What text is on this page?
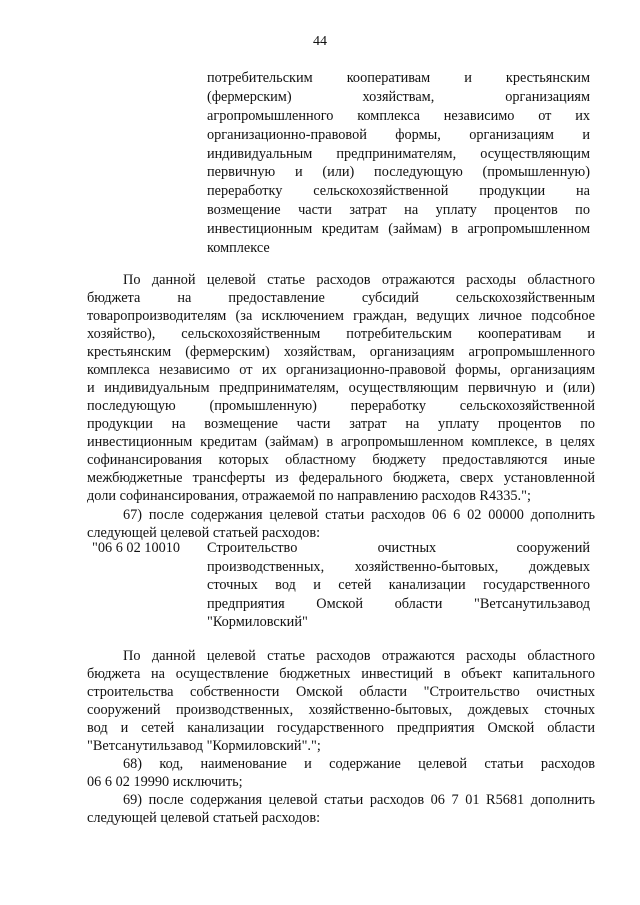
44
потребительским кооперативам и крестьянским
(фермерским) хозяйствам, организациям
агропромышленного комплекса независимо от их
организационно-правовой формы, организациям и
индивидуальным предпринимателям, осуществляющим
первичную и (или) последующую (промышленную)
переработку сельскохозяйственной продукции на
возмещение части затрат на уплату процентов по
инвестиционным кредитам (займам) в агропромышленном
комплексе
По данной целевой статье расходов отражаются расходы областного
бюджета на предоставление субсидий сельскохозяйственным
товаропроизводителям (за исключением граждан, ведущих личное подсобное
хозяйство), сельскохозяйственным потребительским кооперативам и
крестьянским (фермерским) хозяйствам, организациям агропромышленного
комплекса независимо от их организационно-правовой формы, организациям
и индивидуальным предпринимателям, осуществляющим первичную и (или)
последующую (промышленную) переработку сельскохозяйственной
продукции на возмещение части затрат на уплату процентов по
инвестиционным кредитам (займам) в агропромышленном комплексе, в целях
софинансирования которых областному бюджету предоставляются иные
межбюджетные трансферты из федерального бюджета, сверх установленной
доли софинансирования, отражаемой по направлению расходов R4335.";
67) после содержания целевой статьи расходов 06 6 02 00000 дополнить
следующей целевой статьей расходов:
"06 6 02 10010 Строительство очистных сооружений
производственных, хозяйственно-бытовых, дождевых
сточных вод и сетей канализации государственного
предприятия Омской области "Ветсанутильзавод
"Кормиловский"
По данной целевой статье расходов отражаются расходы областного
бюджета на осуществление бюджетных инвестиций в объект капитального
строительства собственности Омской области "Строительство очистных
сооружений производственных, хозяйственно-бытовых, дождевых сточных
вод и сетей канализации государственного предприятия Омской области
"Ветсанутильзавод "Кормиловский".";
68) код, наименование и содержание целевой статьи расходов
06 6 02 19990 исключить;
69) после содержания целевой статьи расходов 06 7 01 R5681 дополнить
следующей целевой статьей расходов:
